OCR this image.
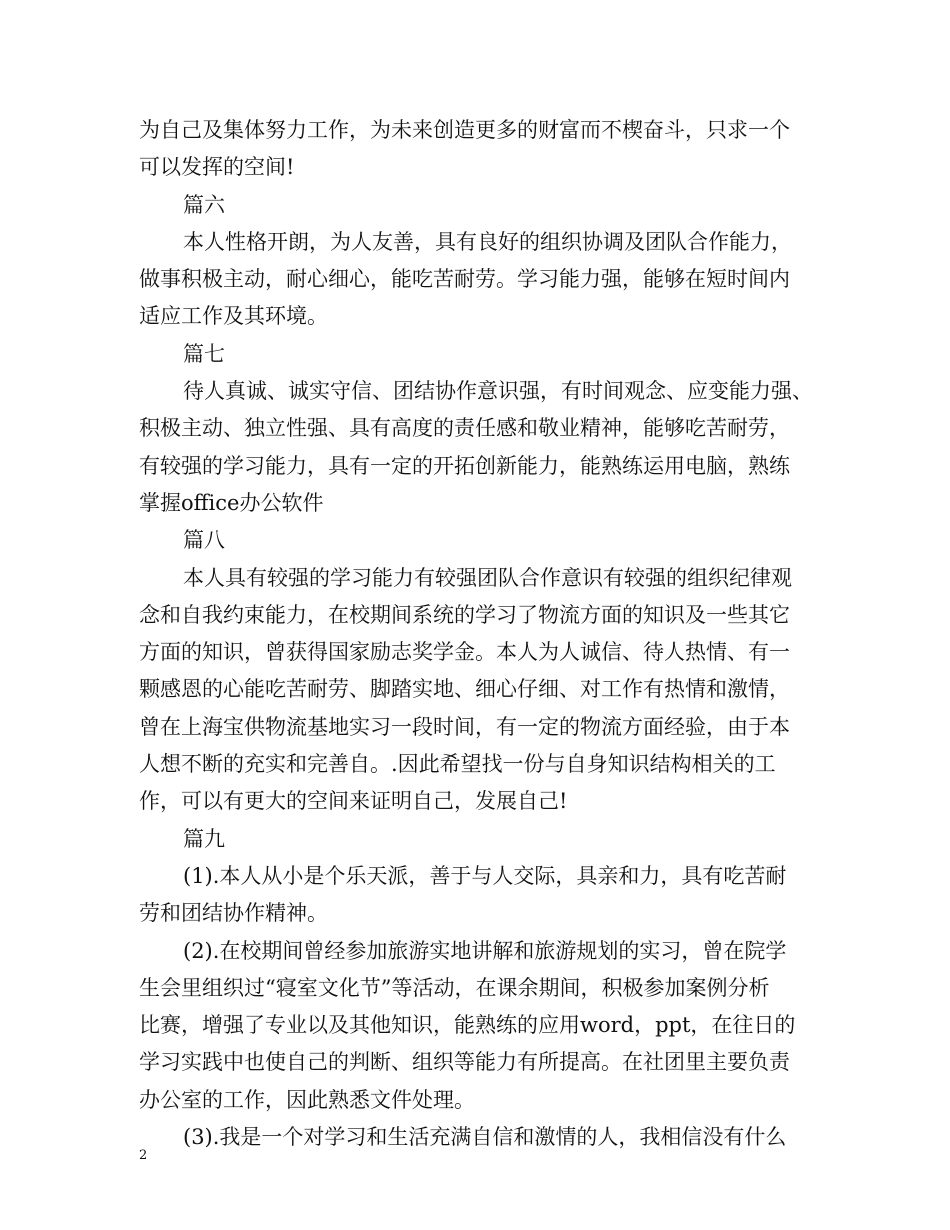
为自己及集体努力工作，为未来创造更多的财富而不楔奋斗，只求一个
可以发挥的空间!
篇六
本人性格开朗，为人友善，具有良好的组织协调及团队合作能力，
做事积极主动，耐心细心，能吃苦耐劳。学习能力强，能够在短时间内
适应工作及其环境。
篇七
待人真诚、诚实守信、团结协作意识强，有时间观念、应变能力强、
积极主动、独立性强、具有高度的责任感和敬业精神，能够吃苦耐劳，
有较强的学习能力，具有一定的开拓创新能力，能熟练运用电脑，熟练
掌握office办公软件
篇八
本人具有较强的学习能力有较强团队合作意识有较强的组织纪律观
念和自我约束能力，在校期间系统的学习了物流方面的知识及一些其它
方面的知识，曾获得国家励志奖学金。本人为人诚信、待人热情、有一
颗感恩的心能吃苦耐劳、脚踏实地、细心仔细、对工作有热情和激情，
曾在上海宝供物流基地实习一段时间，有一定的物流方面经验，由于本
人想不断的充实和完善自。.因此希望找一份与自身知识结构相关的工
作，可以有更大的空间来证明自己，发展自己!
篇九
(1).本人从小是个乐天派，善于与人交际，具亲和力，具有吃苦耐
劳和团结协作精神。
(2).在校期间曾经参加旅游实地讲解和旅游规划的实习，曾在院学
生会里组织过“寝室文化节”等活动，在课余期间，积极参加案例分析
比赛，增强了专业以及其他知识，能熟练的应用word，ppt，在往日的
学习实践中也使自己的判断、组织等能力有所提高。在社团里主要负责
办公室的工作，因此熟悉文件处理。
(3).我是一个对学习和生活充满自信和激情的人，我相信没有什么
2
